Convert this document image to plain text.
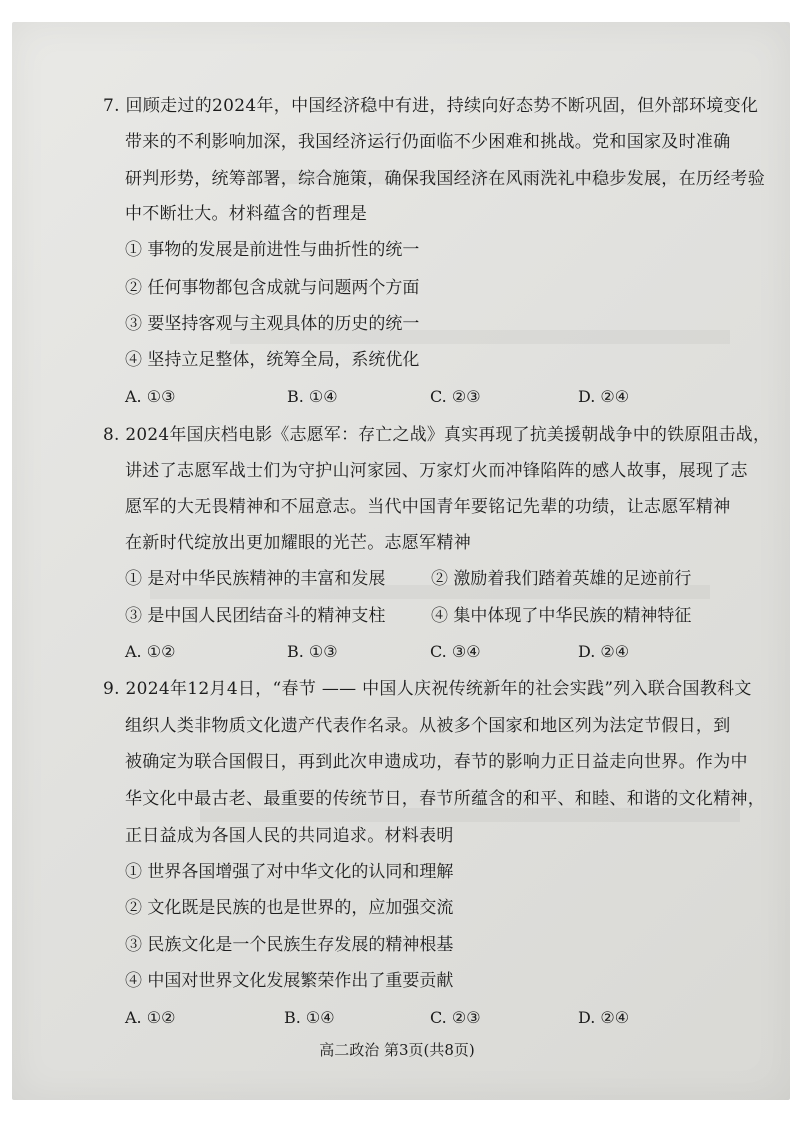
7. 回顾走过的2024年，中国经济稳中有进，持续向好态势不断巩固，但外部环境变化
带来的不利影响加深，我国经济运行仍面临不少困难和挑战。党和国家及时准确
研判形势，统筹部署，综合施策，确保我国经济在风雨洗礼中稳步发展，在历经考验
中不断壮大。材料蕴含的哲理是
① 事物的发展是前进性与曲折性的统一
② 任何事物都包含成就与问题两个方面
③ 要坚持客观与主观具体的历史的统一
④ 坚持立足整体，统筹全局，系统优化
A. ①③	B. ①④	C. ②③	D. ②④
8. 2024年国庆档电影《志愿军：存亡之战》真实再现了抗美援朝战争中的铁原阻击战，
讲述了志愿军战士们为守护山河家园、万家灯火而冲锋陷阵的感人故事，展现了志
愿军的大无畏精神和不屈意志。当代中国青年要铭记先辈的功绩，让志愿军精神
在新时代绽放出更加耀眼的光芒。志愿军精神
① 是对中华民族精神的丰富和发展	② 激励着我们踏着英雄的足迹前行
③ 是中国人民团结奋斗的精神支柱	④ 集中体现了中华民族的精神特征
A. ①②	B. ①③	C. ③④	D. ②④
9. 2024年12月4日，“春节 —— 中国人庆祝传统新年的社会实践”列入联合国教科文
组织人类非物质文化遗产代表作名录。从被多个国家和地区列为法定节假日，到
被确定为联合国假日，再到此次申遗成功，春节的影响力正日益走向世界。作为中
华文化中最古老、最重要的传统节日，春节所蕴含的和平、和睦、和谐的文化精神，
正日益成为各国人民的共同追求。材料表明
① 世界各国增强了对中华文化的认同和理解
② 文化既是民族的也是世界的，应加强交流
③ 民族文化是一个民族生存发展的精神根基
④ 中国对世界文化发展繁荣作出了重要贡献
A. ①②	B. ①④	C. ②③	D. ②④
高二政治 第3页(共8页)
